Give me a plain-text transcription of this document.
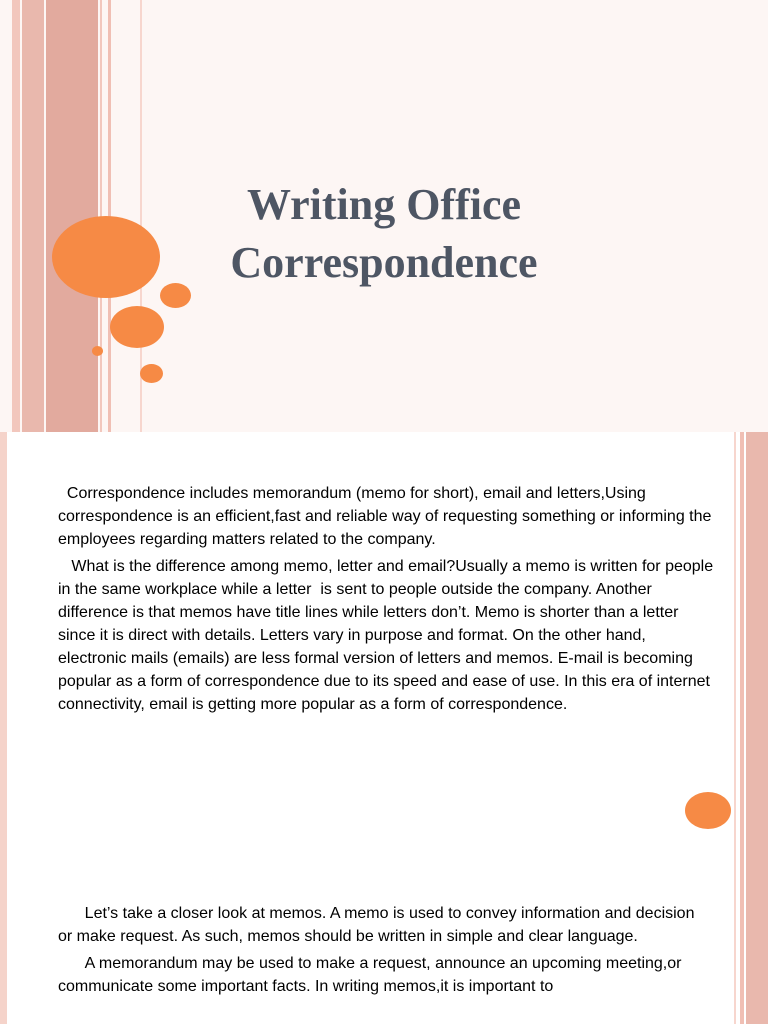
Writing Office
Correspondence

Correspondence includes memorandum (memo for short), email and letters,Using correspondence is an efficient,fast and reliable way of requesting something or informing the employees regarding matters related to the company.

What is the difference among memo, letter and email?Usually a memo is written for people in the same workplace while a letter  is sent to people outside the company. Another difference is that memos have title lines while letters don’t. Memo is shorter than a letter since it is direct with details. Letters vary in purpose and format. On the other hand, electronic mails (emails) are less formal version of letters and memos. E-mail is becoming popular as a form of correspondence due to its speed and ease of use. In this era of internet connectivity, email is getting more popular as a form of correspondence.

Let’s take a closer look at memos. A memo is used to convey information and decision or make request. As such, memos should be written in simple and clear language.

A memorandum may be used to make a request, announce an upcoming meeting,or communicate some important facts. In writing memos,it is important to
